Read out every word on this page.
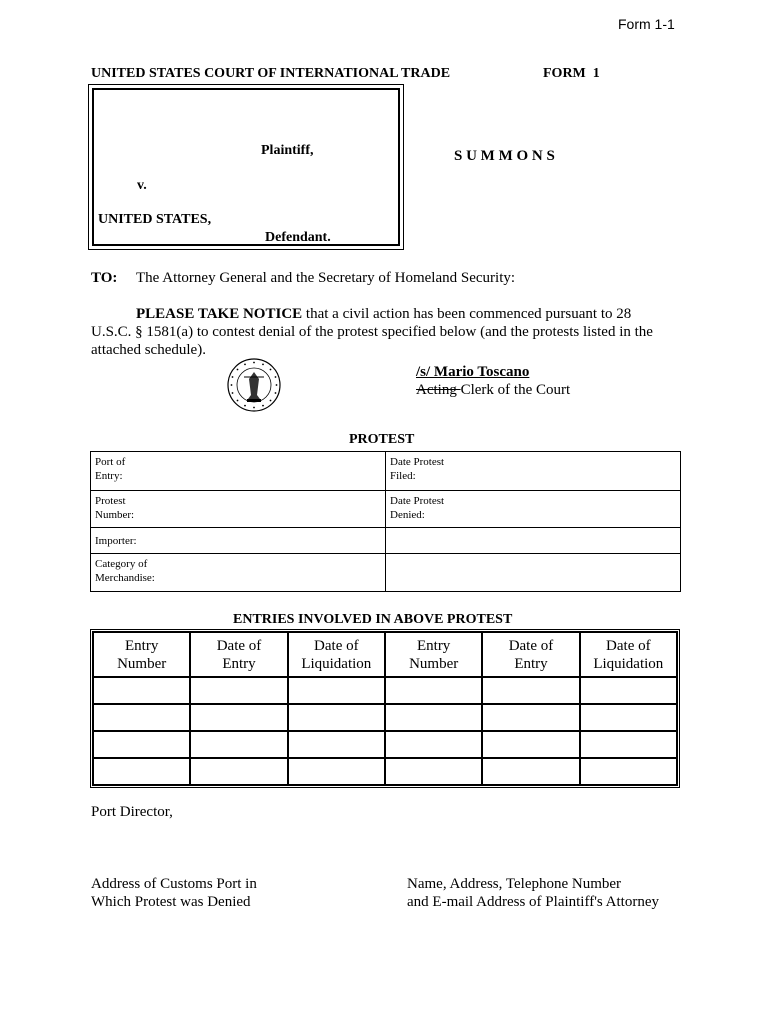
Form 1-1
UNITED STATES COURT OF INTERNATIONAL TRADE	FORM  1
Plaintiff,
v.
UNITED STATES,
Defendant.
S U M M O N S
TO: The Attorney General and the Secretary of Homeland Security:
PLEASE TAKE NOTICE that a civil action has been commenced pursuant to 28
U.S.C. § 1581(a) to contest denial of the protest specified below (and the protests listed in the
attached schedule).
/s/ Mario Toscano
Acting Clerk of the Court
PROTEST
Port of
Entry:	Date Protest
Filed:

Protest
Number:	Date Protest
Denied:

Importer:	

Category of
Merchandise:	

ENTRIES INVOLVED IN ABOVE PROTEST
Entry
Number	Date of
Entry	Date of
Liquidation	Entry
Number	Date of
Entry	Date of
Liquidation

Port Director,
Address of Customs Port in
Which Protest was Denied
Name, Address, Telephone Number
and E-mail Address of Plaintiff's Attorney
